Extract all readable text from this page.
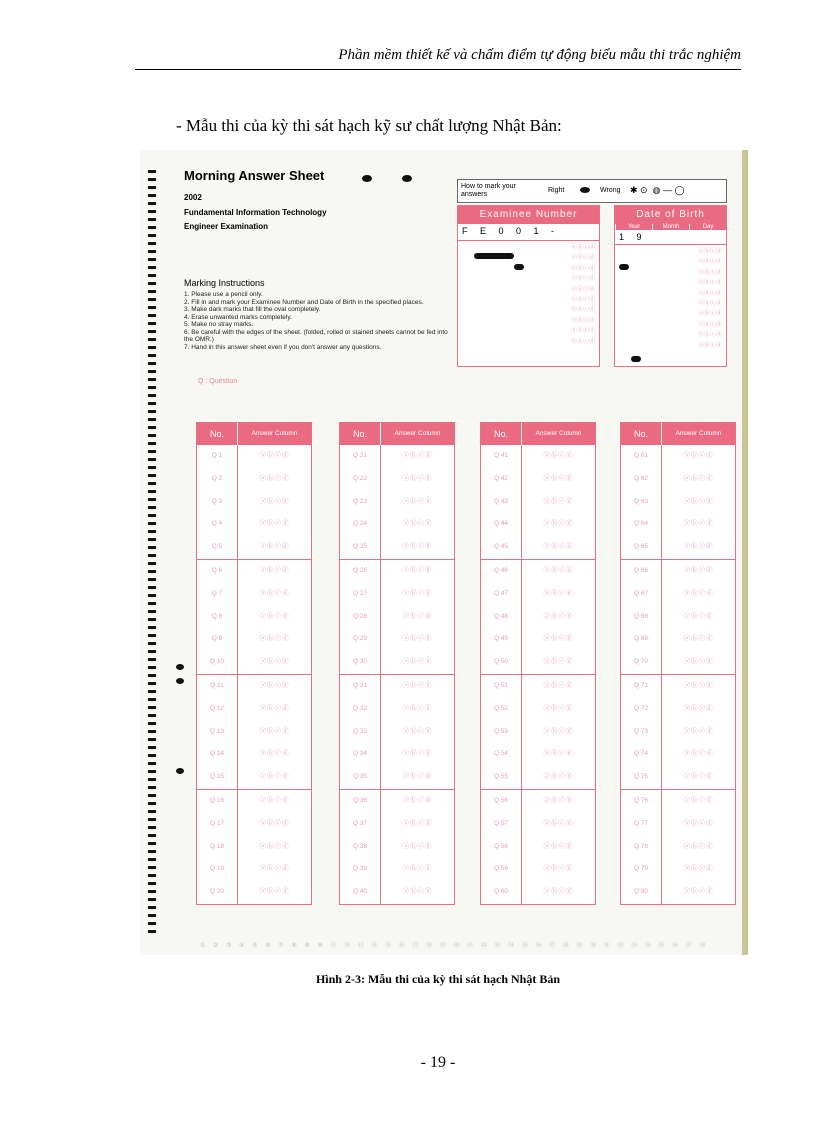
Phần mềm thiết kế và chấm điểm tự động biểu mẫu thi trắc nghiệm
- Mẫu thi của kỳ thi sát hạch kỹ sư chất lượng Nhật Bản:
Morning Answer Sheet
2002
Fundamental Information Technology
Engineer Examination
Marking Instructions
1. Please use a pencil only.
2. Fill in and mark your Examinee Number and Date of Birth in the specified places.
3. Make dark marks that fill the oval completely.
4. Erase unwanted marks completely.
5. Make no stray marks.
6. Be careful with the edges of the sheet. (folded, rolled or stained sheets cannot be fed into the OMR.)
7. Hand in this answer sheet even if you don't answer any questions.
Q : Question
How to mark your answers
Right	Wrong ✱ ⊙  ◍ — ◯
Examinee Number
F E 0 0 1 -
ⓐⓑⓒⓓ
ⓐⓑⓒⓓ
ⓐⓑⓒⓓ
ⓐⓑⓒⓓ
ⓐⓑⓒⓓ
ⓐⓑⓒⓓ
ⓐⓑⓒⓓ
ⓐⓑⓒⓓ
ⓐⓑⓒⓓ
ⓐⓑⓒⓓ
Date of Birth
Year	Month	Day
1 9
ⓐⓑⓒⓓ
ⓐⓑⓒⓓ
ⓐⓑⓒⓓ
ⓐⓑⓒⓓ
ⓐⓑⓒⓓ
ⓐⓑⓒⓓ
ⓐⓑⓒⓓ
ⓐⓑⓒⓓ
ⓐⓑⓒⓓ
ⓐⓑⓒⓓ
No.	Answer Column
Q 1	ⓐⓑⓒⓓ
Q 2	ⓐⓑⓒⓓ
Q 3	ⓐⓑⓒⓓ
Q 4	ⓐⓑⓒⓓ
Q 5	ⓐⓑⓒⓓ
Q 6	ⓐⓑⓒⓓ
Q 7	ⓐⓑⓒⓓ
Q 8	ⓐⓑⓒⓓ
Q 9	ⓐⓑⓒⓓ
Q 10	ⓐⓑⓒⓓ
Q 11	ⓐⓑⓒⓓ
Q 12	ⓐⓑⓒⓓ
Q 13	ⓐⓑⓒⓓ
Q 14	ⓐⓑⓒⓓ
Q 15	ⓐⓑⓒⓓ
Q 16	ⓐⓑⓒⓓ
Q 17	ⓐⓑⓒⓓ
Q 18	ⓐⓑⓒⓓ
Q 19	ⓐⓑⓒⓓ
Q 20	ⓐⓑⓒⓓ
No.	Answer Column
Q 21	ⓐⓑⓒⓓ
Q 22	ⓐⓑⓒⓓ
Q 23	ⓐⓑⓒⓓ
Q 24	ⓐⓑⓒⓓ
Q 25	ⓐⓑⓒⓓ
Q 26	ⓐⓑⓒⓓ
Q 27	ⓐⓑⓒⓓ
Q 28	ⓐⓑⓒⓓ
Q 29	ⓐⓑⓒⓓ
Q 30	ⓐⓑⓒⓓ
Q 31	ⓐⓑⓒⓓ
Q 32	ⓐⓑⓒⓓ
Q 33	ⓐⓑⓒⓓ
Q 34	ⓐⓑⓒⓓ
Q 35	ⓐⓑⓒⓓ
Q 36	ⓐⓑⓒⓓ
Q 37	ⓐⓑⓒⓓ
Q 38	ⓐⓑⓒⓓ
Q 39	ⓐⓑⓒⓓ
Q 40	ⓐⓑⓒⓓ
No.	Answer Column
Q 41	ⓐⓑⓒⓓ
Q 42	ⓐⓑⓒⓓ
Q 43	ⓐⓑⓒⓓ
Q 44	ⓐⓑⓒⓓ
Q 45	ⓐⓑⓒⓓ
Q 46	ⓐⓑⓒⓓ
Q 47	ⓐⓑⓒⓓ
Q 48	ⓐⓑⓒⓓ
Q 49	ⓐⓑⓒⓓ
Q 50	ⓐⓑⓒⓓ
Q 51	ⓐⓑⓒⓓ
Q 52	ⓐⓑⓒⓓ
Q 53	ⓐⓑⓒⓓ
Q 54	ⓐⓑⓒⓓ
Q 55	ⓐⓑⓒⓓ
Q 56	ⓐⓑⓒⓓ
Q 57	ⓐⓑⓒⓓ
Q 58	ⓐⓑⓒⓓ
Q 59	ⓐⓑⓒⓓ
Q 60	ⓐⓑⓒⓓ
No.	Answer Column
Q 61	ⓐⓑⓒⓓ
Q 62	ⓐⓑⓒⓓ
Q 63	ⓐⓑⓒⓓ
Q 64	ⓐⓑⓒⓓ
Q 65	ⓐⓑⓒⓓ
Q 66	ⓐⓑⓒⓓ
Q 67	ⓐⓑⓒⓓ
Q 68	ⓐⓑⓒⓓ
Q 69	ⓐⓑⓒⓓ
Q 70	ⓐⓑⓒⓓ
Q 71	ⓐⓑⓒⓓ
Q 72	ⓐⓑⓒⓓ
Q 73	ⓐⓑⓒⓓ
Q 74	ⓐⓑⓒⓓ
Q 75	ⓐⓑⓒⓓ
Q 76	ⓐⓑⓒⓓ
Q 77	ⓐⓑⓒⓓ
Q 78	ⓐⓑⓒⓓ
Q 79	ⓐⓑⓒⓓ
Q 80	ⓐⓑⓒⓓ
① ② ③ ④ ⑤ ⑥ ⑦ ⑧ ⑨ ⑩ ⑪ ⑫ ⑬ ⑭ ⑮ ⑯ ⑰ ⑱ ⑲ ⑳ ㉑ ㉒ ㉓ ㉔ ㉕ ㉖ ㉗ ㉘ ㉙ ㉚ ㉛ ㉜ ㉝ ㉞ ㉟ ㊱ ㊲ ㊳
Hình 2-3: Mẫu thi của kỳ thi sát hạch Nhật Bản
- 19 -
